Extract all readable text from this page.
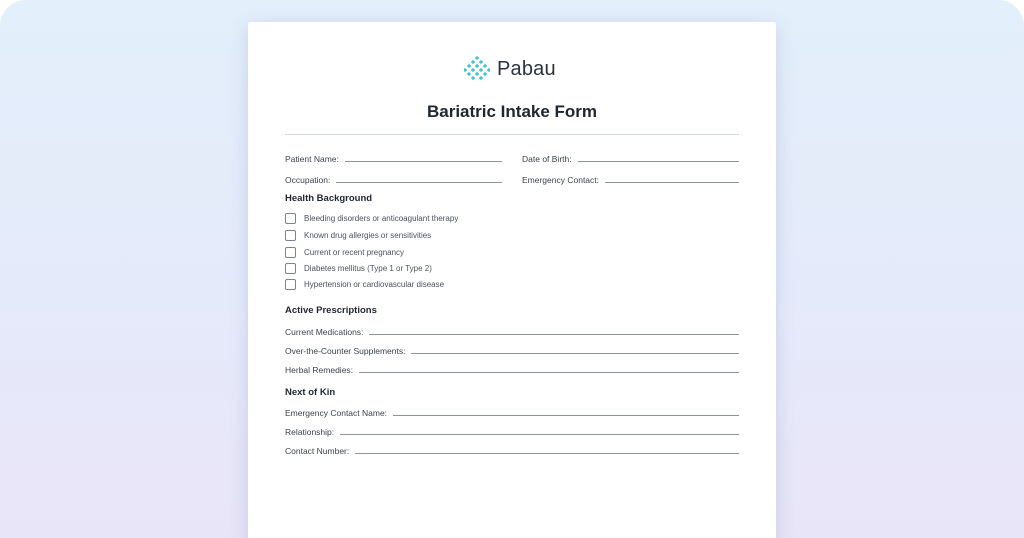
Pabau
Bariatric Intake Form
Patient Name:	Date of Birth:
Occupation:	Emergency Contact:
Health Background
Bleeding disorders or anticoagulant therapy
Known drug allergies or sensitivities
Current or recent pregnancy
Diabetes mellitus (Type 1 or Type 2)
Hypertension or cardiovascular disease
Active Prescriptions
Current Medications:
Over-the-Counter Supplements:
Herbal Remedies:
Next of Kin
Emergency Contact Name:
Relationship:
Contact Number:
